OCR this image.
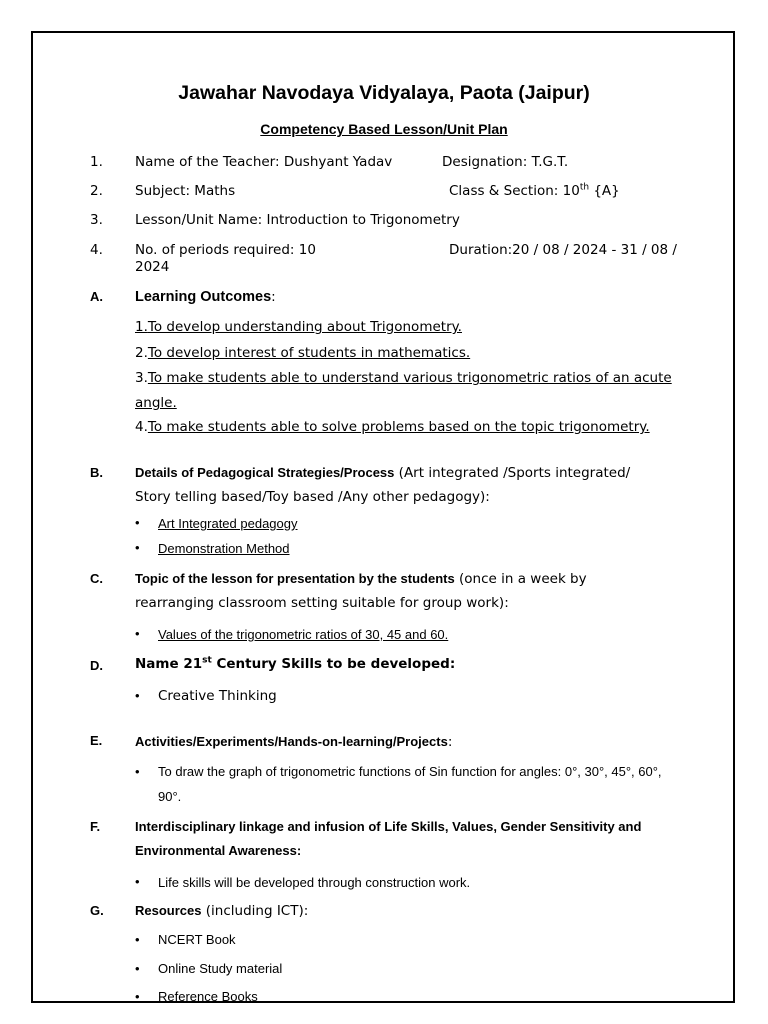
Jawahar Navodaya Vidyalaya, Paota (Jaipur)
Competency Based Lesson/Unit Plan
1. Name of the Teacher: Dushyant Yadav	Designation: T.G.T.
2. Subject: Maths	Class & Section: 10th {A}
3. Lesson/Unit Name: Introduction to Trigonometry
4. No. of periods required: 10	Duration:20 / 08 / 2024 - 31 / 08 /
2024
A. Learning Outcomes:
1.To develop understanding about Trigonometry.
2.To develop interest of students in mathematics.
3.To make students able to understand various trigonometric ratios of an acute
angle.
4.To make students able to solve problems based on the topic trigonometry.
B. Details of Pedagogical Strategies/Process (Art integrated /Sports integrated/
Story telling based/Toy based /Any other pedagogy):
• Art Integrated pedagogy
• Demonstration Method
C. Topic of the lesson for presentation by the students (once in a week by
rearranging classroom setting suitable for group work):
• Values of the trigonometric ratios of 30, 45 and 60.
D. Name 21st Century Skills to be developed:
• Creative Thinking
E.	Activities/Experiments/Hands-on-learning/Projects:
• To draw the graph of trigonometric functions of Sin function for angles: 0°, 30°, 45°, 60°,
90°.
F.	Interdisciplinary linkage and infusion of Life Skills, Values, Gender Sensitivity and
Environmental Awareness:
• Life skills will be developed through construction work.
G. Resources (including ICT):
• NCERT Book
• Online Study material
• Reference Books
